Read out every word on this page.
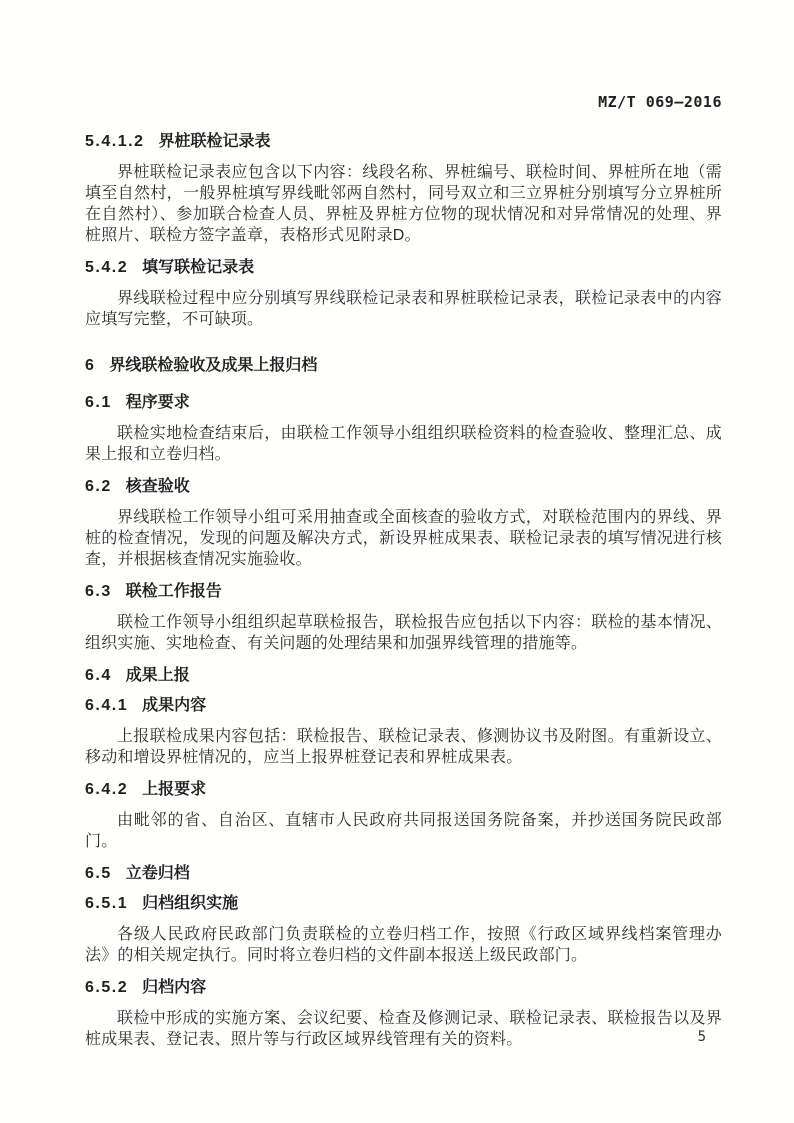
MZ/T 069—2016
5.4.1.2 界桩联检记录表

界桩联检记录表应包含以下内容：线段名称、界桩编号、联检时间、界桩所在地（需填至自然村，一般界桩填写界线毗邻两自然村，同号双立和三立界桩分别填写分立界桩所在自然村）、参加联合检查人员、界桩及界桩方位物的现状情况和对异常情况的处理、界桩照片、联检方签字盖章，表格形式见附录D。

5.4.2 填写联检记录表

界线联检过程中应分别填写界线联检记录表和界桩联检记录表，联检记录表中的内容应填写完整，不可缺项。

6 界线联检验收及成果上报归档
6.1 程序要求

联检实地检查结束后，由联检工作领导小组组织联检资料的检查验收、整理汇总、成果上报和立卷归档。

6.2 核查验收

界线联检工作领导小组可采用抽查或全面核查的验收方式，对联检范围内的界线、界桩的检查情况，发现的问题及解决方式，新设界桩成果表、联检记录表的填写情况进行核查，并根据核查情况实施验收。

6.3 联检工作报告

联检工作领导小组组织起草联检报告，联检报告应包括以下内容：联检的基本情况、组织实施、实地检查、有关问题的处理结果和加强界线管理的措施等。

6.4 成果上报
6.4.1 成果内容

上报联检成果内容包括：联检报告、联检记录表、修测协议书及附图。有重新设立、移动和增设界桩情况的，应当上报界桩登记表和界桩成果表。

6.4.2 上报要求

由毗邻的省、自治区、直辖市人民政府共同报送国务院备案，并抄送国务院民政部门。

6.5 立卷归档
6.5.1 归档组织实施

各级人民政府民政部门负责联检的立卷归档工作，按照《行政区域界线档案管理办法》的相关规定执行。同时将立卷归档的文件副本报送上级民政部门。

6.5.2 归档内容

联检中形成的实施方案、会议纪要、检查及修测记录、联检记录表、联检报告以及界桩成果表、登记表、照片等与行政区域界线管理有关的资料。	5
